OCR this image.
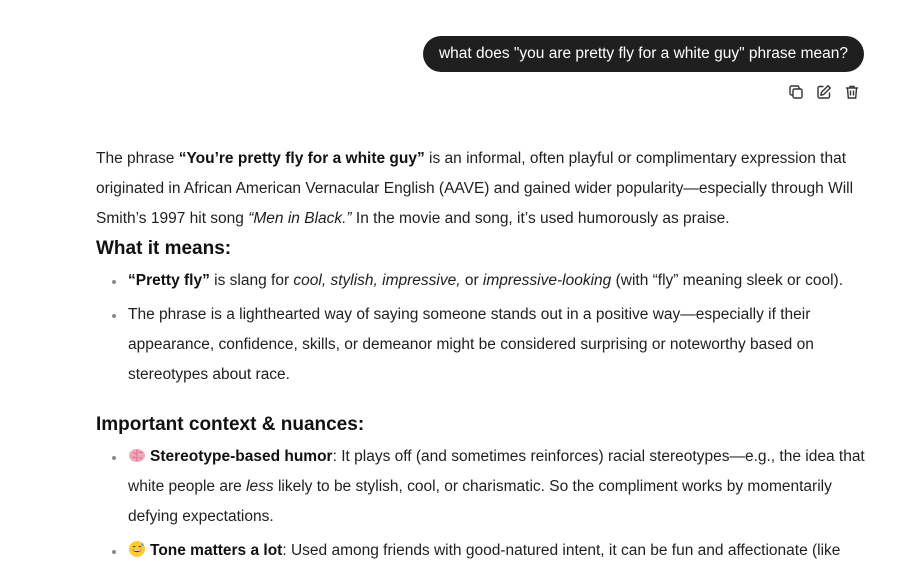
what does "you are pretty fly for a white guy" phrase mean?

The phrase “You’re pretty fly for a white guy” is an informal, often playful or complimentary expression that originated in African American Vernacular English (AAVE) and gained wider popularity—especially through Will Smith’s 1997 hit song “Men in Black.” In the movie and song, it’s used humorously as praise.

What it means:
“Pretty fly” is slang for cool, stylish, impressive, or impressive-looking (with “fly” meaning sleek or cool).
The phrase is a lighthearted way of saying someone stands out in a positive way—especially if their appearance, confidence, skills, or demeanor might be considered surprising or noteworthy based on stereotypes about race.
Important context & nuances:
Stereotype-based humor: It plays off (and sometimes reinforces) racial stereotypes—e.g., the idea that white people are less likely to be stylish, cool, or charismatic. So the compliment works by momentarily defying expectations.
Tone matters a lot: Used among friends with good-natured intent, it can be fun and affectionate (like
